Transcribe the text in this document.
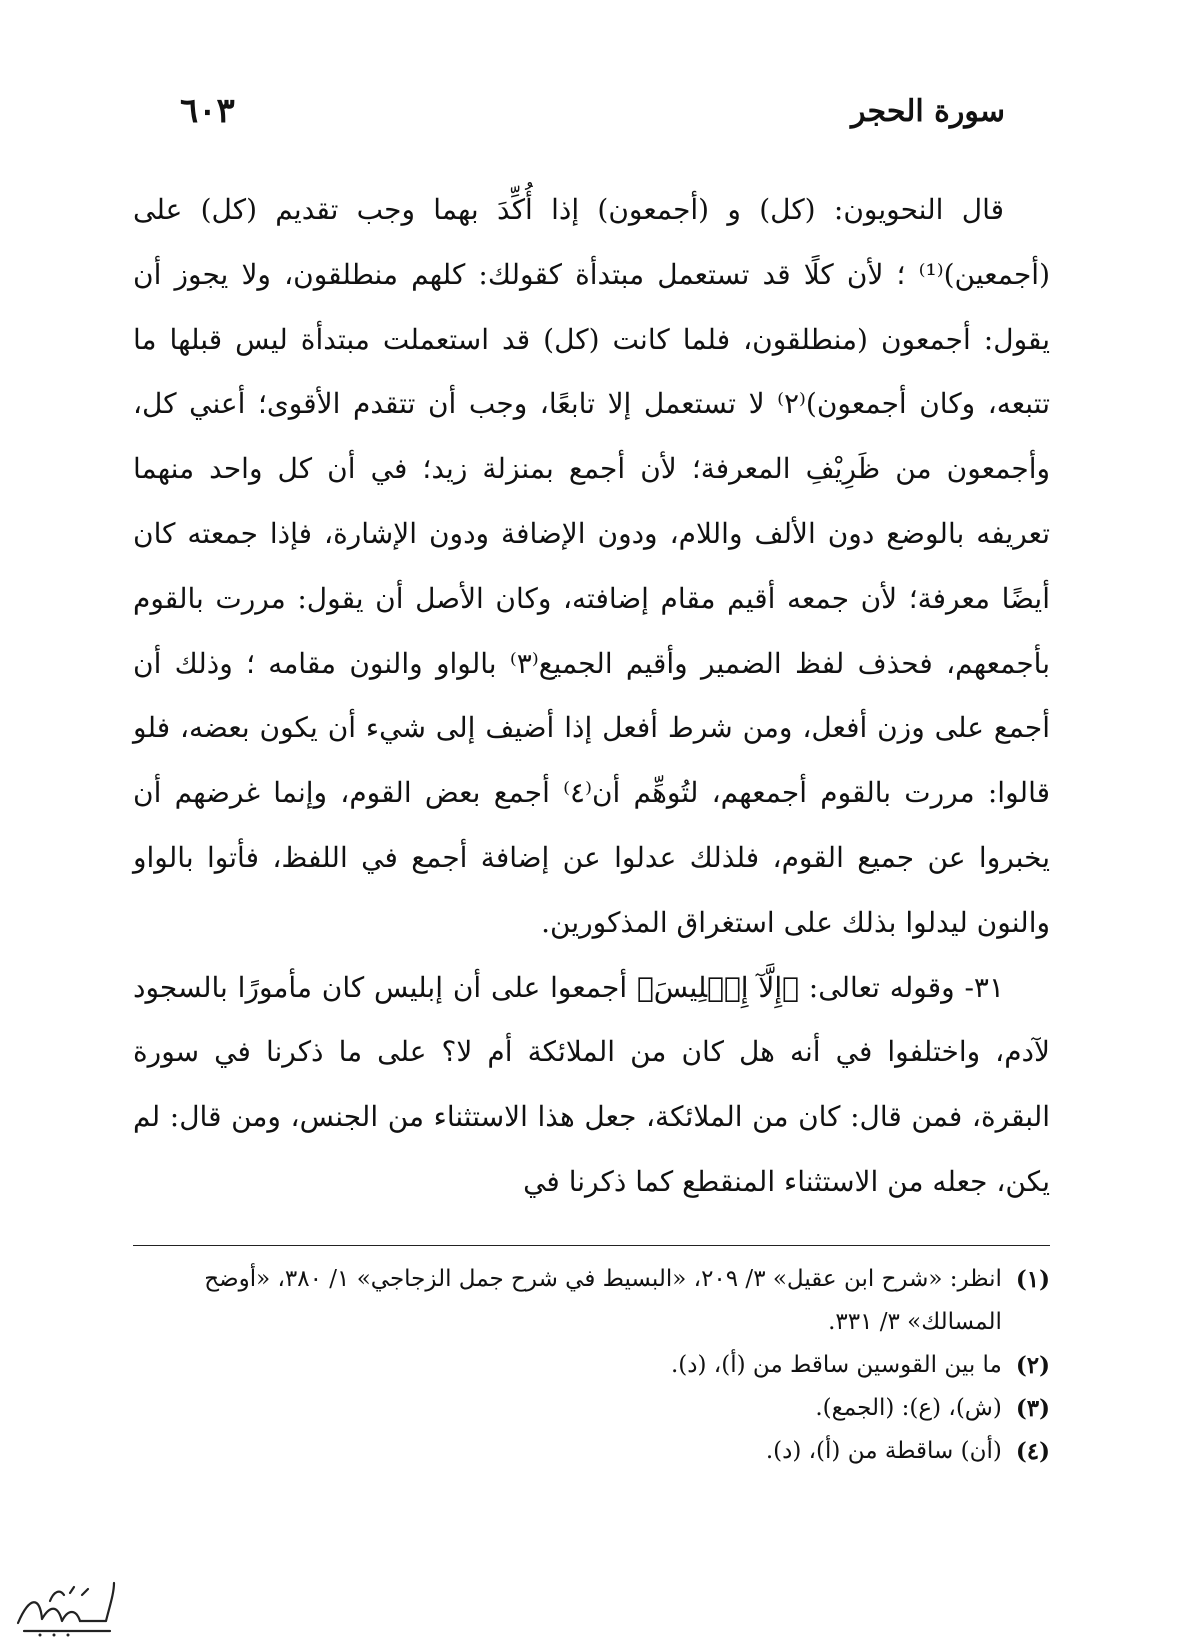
سورة الحجر
٦٠٣

قال النحويون: (كل) و (أجمعون) إذا أُكِّدَ بهما وجب تقديم (كل) على (أجمعين)⁽¹⁾ ؛ لأن كلًا قد تستعمل مبتدأة كقولك: كلهم منطلقون، ولا يجوز أن يقول: أجمعون (منطلقون، فلما كانت (كل) قد استعملت مبتدأة ليس قبلها ما تتبعه، وكان أجمعون)⁽٢⁾ لا تستعمل إلا تابعًا، وجب أن تتقدم الأقوى؛ أعني كل، وأجمعون من ظَرِيْفِ المعرفة؛ لأن أجمع بمنزلة زيد؛ في أن كل واحد منهما تعريفه بالوضع دون الألف واللام، ودون الإضافة ودون الإشارة، فإذا جمعته كان أيضًا معرفة؛ لأن جمعه أقيم مقام إضافته، وكان الأصل أن يقول: مررت بالقوم بأجمعهم، فحذف لفظ الضمير وأقيم الجميع⁽٣⁾ بالواو والنون مقامه ؛ وذلك أن أجمع على وزن أفعل، ومن شرط أفعل إذا أضيف إلى شيء أن يكون بعضه، فلو قالوا: مررت بالقوم أجمعهم، لتُوهِّم أن⁽٤⁾ أجمع بعض القوم، وإنما غرضهم أن يخبروا عن جميع القوم، فلذلك عدلوا عن إضافة أجمع في اللفظ، فأتوا بالواو والنون ليدلوا بذلك على استغراق المذكورين.

٣١- وقوله تعالى: ﴿إِلَّآ إِبۡلِيسَ﴾ أجمعوا على أن إبليس كان مأمورًا بالسجود لآدم، واختلفوا في أنه هل كان من الملائكة أم لا؟ على ما ذكرنا في سورة البقرة، فمن قال: كان من الملائكة، جعل هذا الاستثناء من الجنس، ومن قال: لم يكن، جعله من الاستثناء المنقطع كما ذكرنا في

(١)
انظر: «شرح ابن عقيل» ٣/ ٢٠٩، «البسيط في شرح جمل الزجاجي» ١/ ٣٨٠، «أوضح المسالك» ٣/ ٣٣١.
(٢)
ما بين القوسين ساقط من (أ)، (د).
(٣)
(ش)، (ع): (الجمع).
(٤)
(أن) ساقطة من (أ)، (د).
